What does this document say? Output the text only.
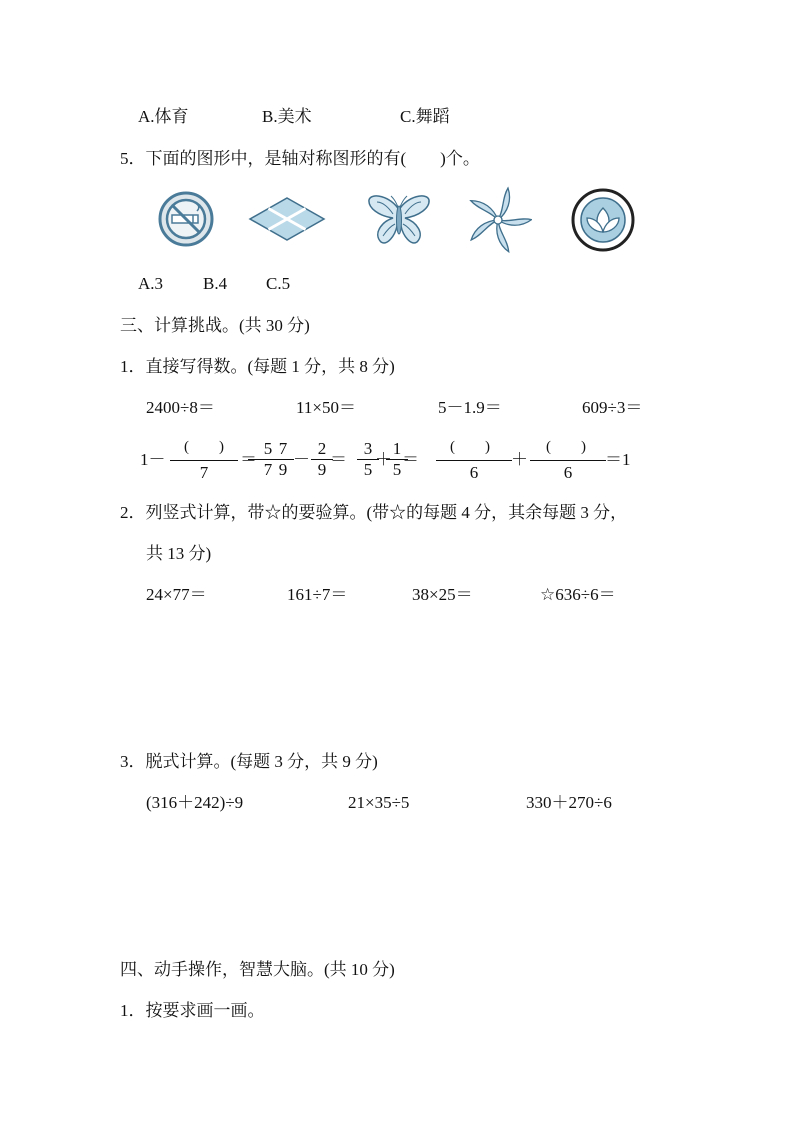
A.体育	B.美术	C.舞蹈
5．下面的图形中，是轴对称图形的有(　　)个。
A.3 B.4 C.5
三、计算挑战。(共 30 分)
1．直接写得数。(每题 1 分，共 8 分)
2400÷8＝	11×50＝	5－1.9＝	609÷3＝
1－
(　　)
7
＝
5
7
7
9
－
2
9
＝
3
5
＋
1
5
＝
(　　)
6
＋
(　　)
6
＝1
2．列竖式计算，带☆的要验算。(带☆的每题 4 分，其余每题 3 分，
共 13 分)
24×77＝	161÷7＝	38×25＝	☆636÷6＝
3．脱式计算。(每题 3 分，共 9 分)
(316＋242)÷9	21×35÷5	330＋270÷6
四、动手操作，智慧大脑。(共 10 分)
1．按要求画一画。
